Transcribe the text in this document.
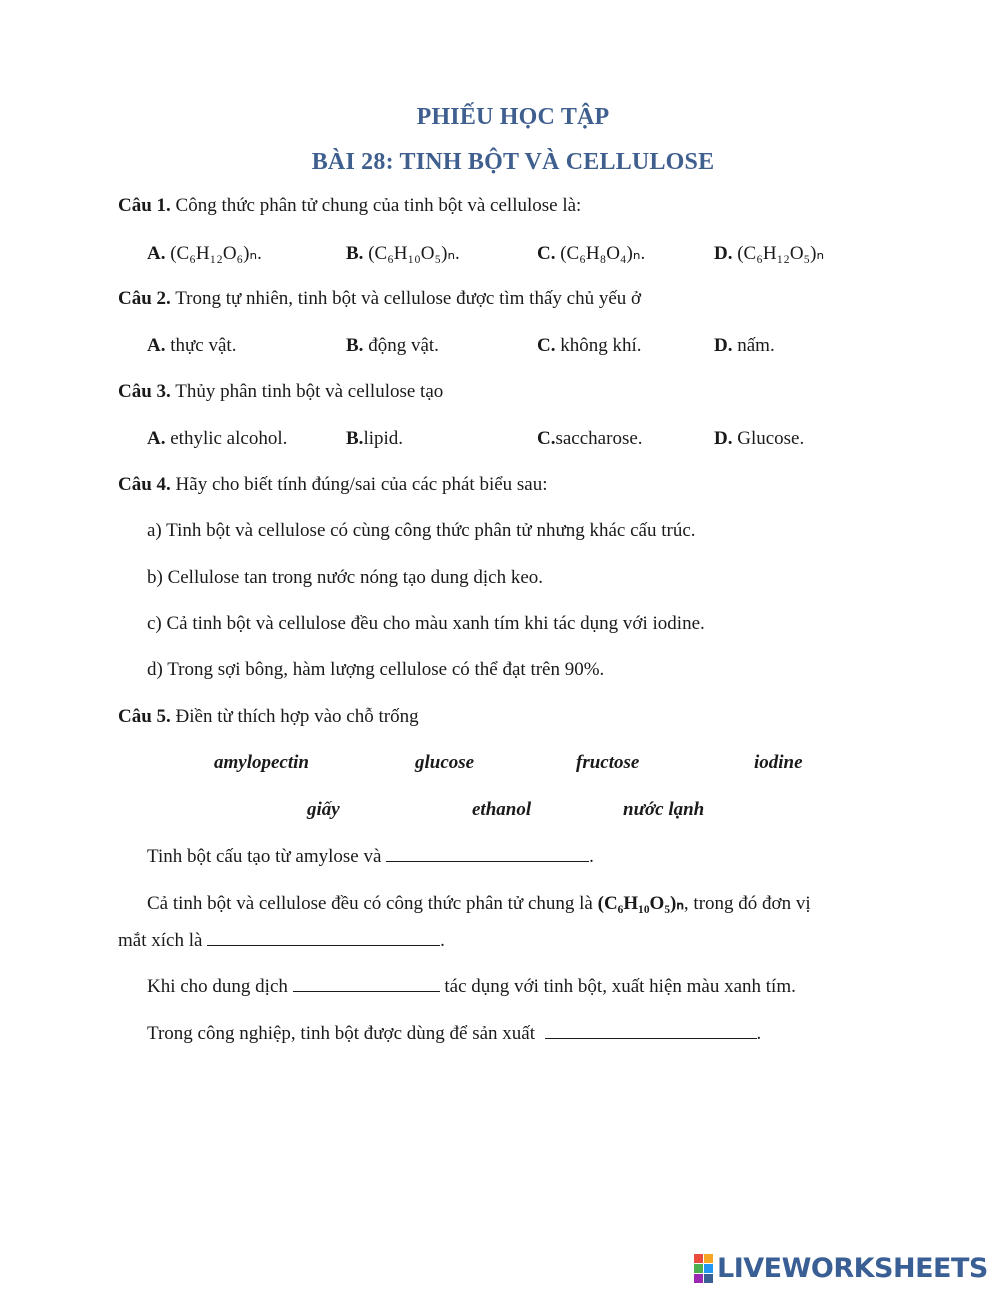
PHIẾU HỌC TẬP
BÀI 28: TINH BỘT VÀ CELLULOSE
Câu 1. Công thức phân tử chung của tinh bột và cellulose là:
A. (C₆H₁₂O₆)ₙ.	B. (C₆H₁₀O₅)ₙ.	C. (C₆H₈O₄)ₙ.	D. (C₆H₁₂O₅)ₙ
Câu 2. Trong tự nhiên, tinh bột và cellulose được tìm thấy chủ yếu ở
A. thực vật.	B. động vật.	C. không khí.	D. nấm.
Câu 3. Thủy phân tinh bột và cellulose tạo
A. ethylic alcohol.	B.lipid.	C.saccharose.	D. Glucose.
Câu 4. Hãy cho biết tính đúng/sai của các phát biểu sau:
a) Tinh bột và cellulose có cùng công thức phân tử nhưng khác cấu trúc.
b) Cellulose tan trong nước nóng tạo dung dịch keo.
c) Cả tinh bột và cellulose đều cho màu xanh tím khi tác dụng với iodine.
d) Trong sợi bông, hàm lượng cellulose có thể đạt trên 90%.
Câu 5. Điền từ thích hợp vào chỗ trống
amylopectin	glucose	fructose	iodine
giấy	ethanol	nước lạnh
Tinh bột cấu tạo từ amylose và	.
Cả tinh bột và cellulose đều có công thức phân tử chung là (C₆H₁₀O₅)ₙ, trong đó đơn vị
mắt xích là	.
Khi cho dung dịch	tác dụng với tinh bột, xuất hiện màu xanh tím.
Trong công nghiệp, tinh bột được dùng để sản xuất	.
LIVEWORKSHEETS
